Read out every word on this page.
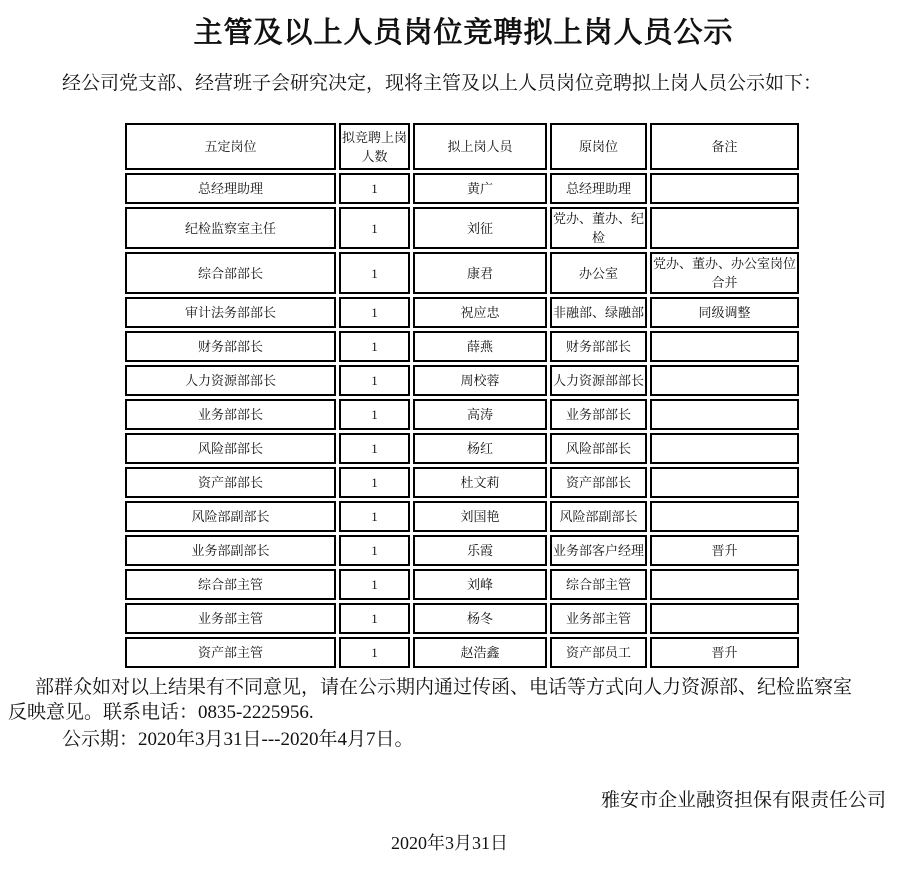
主管及以上人员岗位竞聘拟上岗人员公示

经公司党支部、经营班子会研究决定，现将主管及以上人员岗位竞聘拟上岗人员公示如下：

五定岗位	拟竞聘上岗人数	拟上岗人员	原岗位	备注
总经理助理	1	黄广	总经理助理	
纪检监察室主任	1	刘征	党办、董办、纪检	
综合部部长	1	康君	办公室	党办、董办、办公室岗位合并
审计法务部部长	1	祝应忠	非融部、绿融部	同级调整
财务部部长	1	薛燕	财务部部长	
人力资源部部长	1	周校蓉	人力资源部部长	
业务部部长	1	高涛	业务部部长	
风险部部长	1	杨红	风险部部长	
资产部部长	1	杜文莉	资产部部长	
风险部副部长	1	刘国艳	风险部副部长	
业务部副部长	1	乐霞	业务部客户经理	晋升
综合部主管	1	刘峰	综合部主管	
业务部主管	1	杨冬	业务部主管	
资产部主管	1	赵浩鑫	资产部员工	晋升

部群众如对以上结果有不同意见，请在公示期内通过传函、电话等方式向人力资源部、纪检监察室
反映意见。联系电话：0835-2225956.

公示期：2020年3月31日---2020年4月7日。

雅安市企业融资担保有限责任公司

2020年3月31日
